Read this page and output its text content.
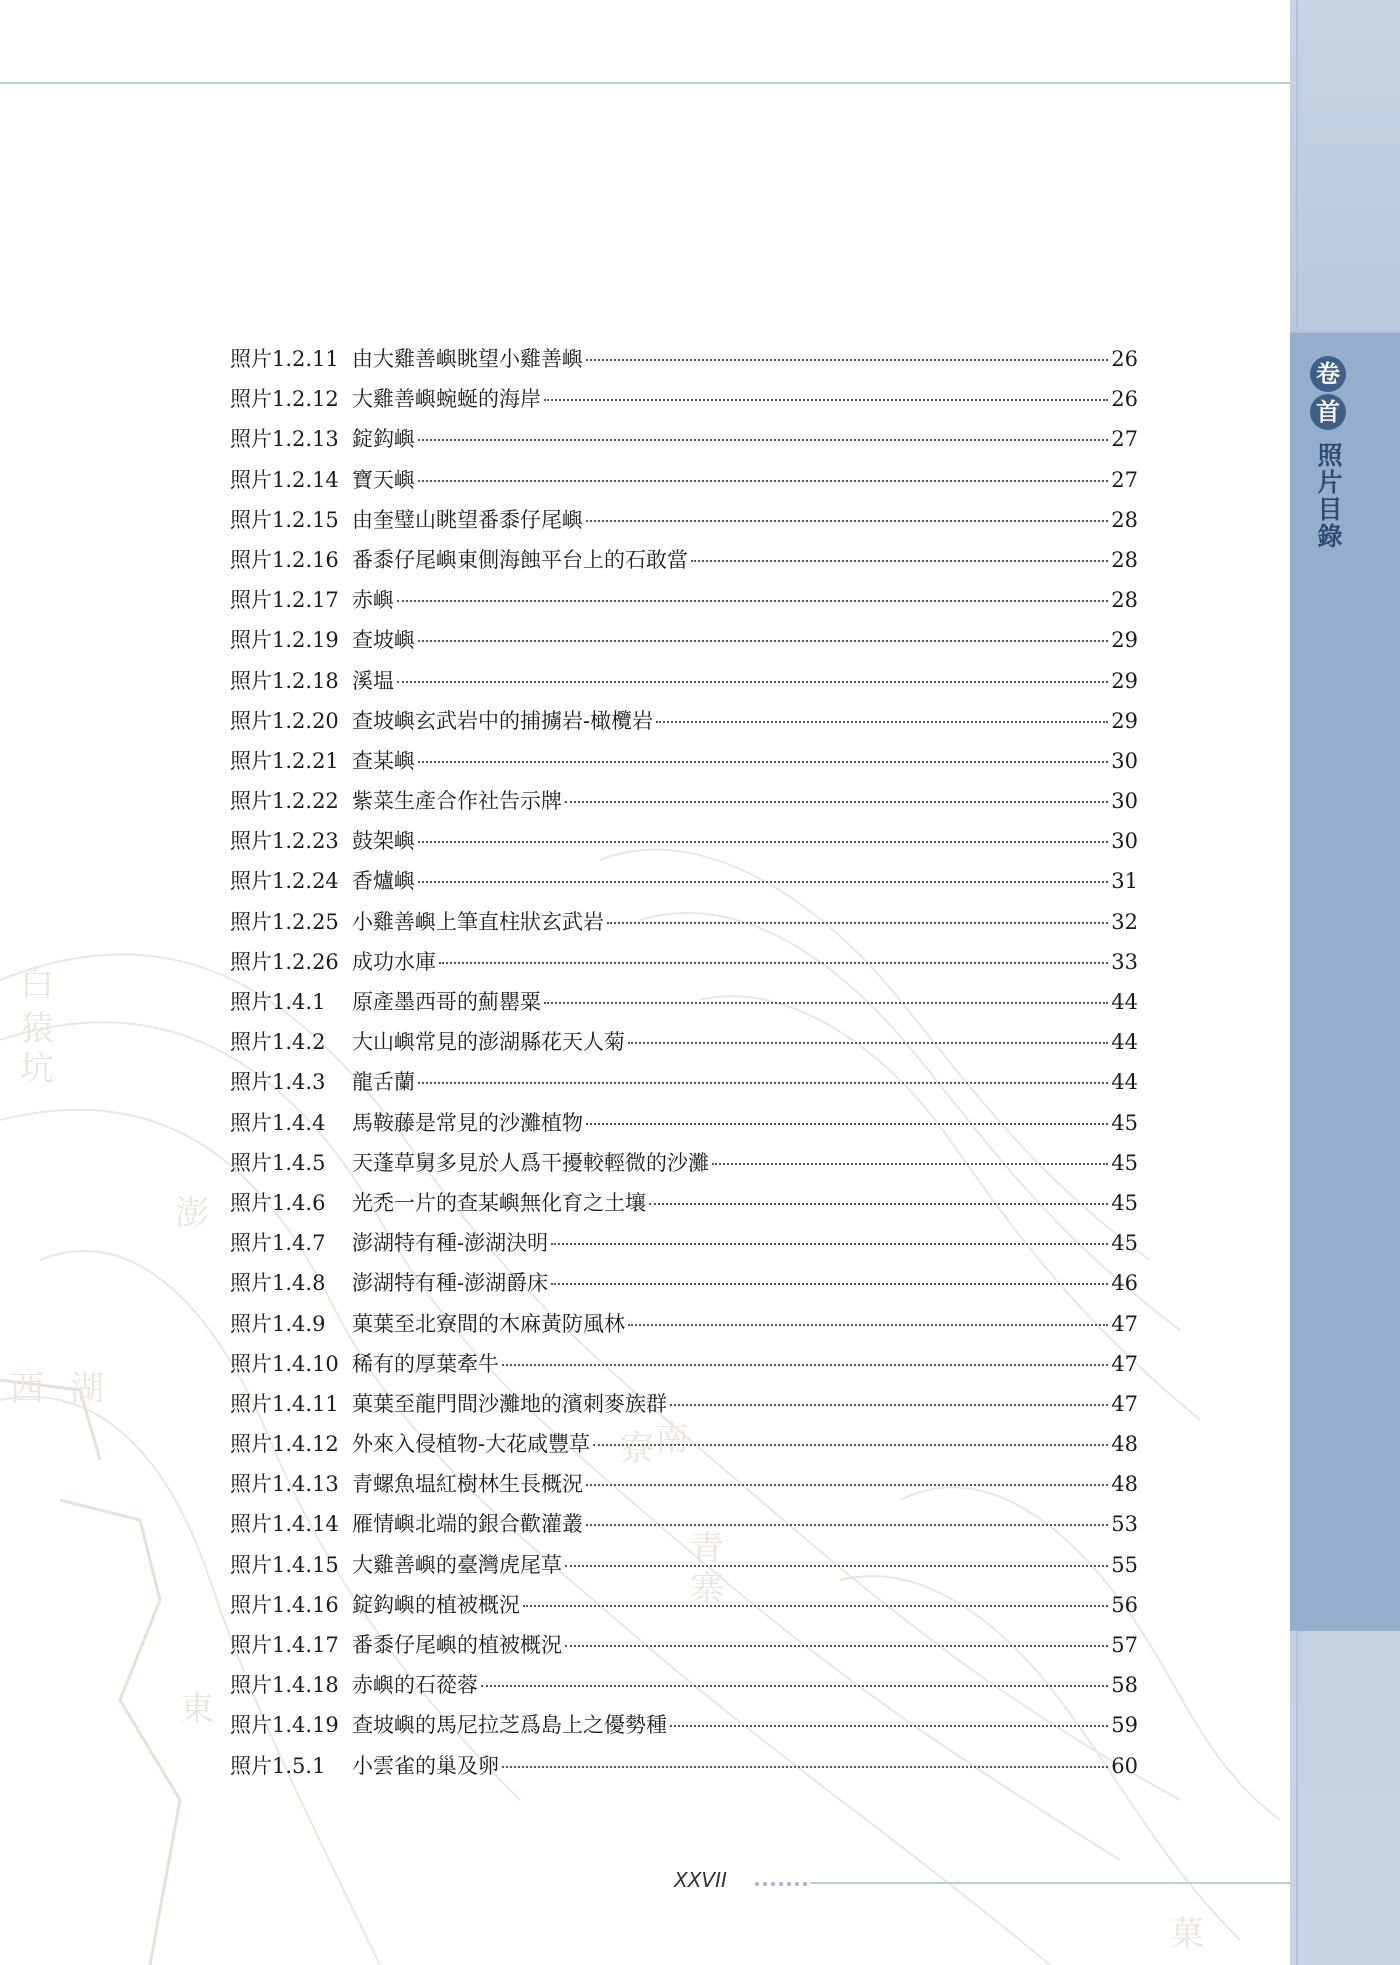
白
猿
坑
西 湖
南
寮
東
澎
青
寨
菓
卷
首
照片目錄
照片1.2.11 由大雞善嶼眺望小雞善嶼	26
照片1.2.12 大雞善嶼蜿蜒的海岸	26
照片1.2.13 錠鈎嶼	27
照片1.2.14 寶天嶼	27
照片1.2.15 由奎璧山眺望番黍仔尾嶼	28
照片1.2.16 番黍仔尾嶼東側海蝕平台上的石敢當	28
照片1.2.17 赤嶼	28
照片1.2.19 查坡嶼	29
照片1.2.18 溪塭	29
照片1.2.20 查坡嶼玄武岩中的捕擄岩-橄欖岩	29
照片1.2.21 查某嶼	30
照片1.2.22 紫菜生產合作社告示牌	30
照片1.2.23 鼓架嶼	30
照片1.2.24 香爐嶼	31
照片1.2.25 小雞善嶼上筆直柱狀玄武岩	32
照片1.2.26 成功水庫	33
照片1.4.1	原產墨西哥的薊罌粟	44
照片1.4.2	大山嶼常見的澎湖縣花天人菊	44
照片1.4.3	龍舌蘭	44
照片1.4.4	馬鞍藤是常見的沙灘植物	45
照片1.4.5	天蓬草舅多見於人爲干擾較輕微的沙灘	45
照片1.4.6	光禿一片的查某嶼無化育之土壤	45
照片1.4.7	澎湖特有種-澎湖決明	45
照片1.4.8	澎湖特有種-澎湖爵床	46
照片1.4.9	菓葉至北寮間的木麻黃防風林	47
照片1.4.10 稀有的厚葉牽牛	47
照片1.4.11 菓葉至龍門間沙灘地的濱刺麥族群	47
照片1.4.12 外來入侵植物-大花咸豐草	48
照片1.4.13 青螺魚塭紅樹林生長概況	48
照片1.4.14 雁情嶼北端的銀合歡灌叢	53
照片1.4.15 大雞善嶼的臺灣虎尾草	55
照片1.4.16 錠鈎嶼的植被概況	56
照片1.4.17 番黍仔尾嶼的植被概況	57
照片1.4.18 赤嶼的石蓯蓉	58
照片1.4.19 查坡嶼的馬尼拉芝爲島上之優勢種	59
照片1.5.1	小雲雀的巢及卵	60
XXVII
